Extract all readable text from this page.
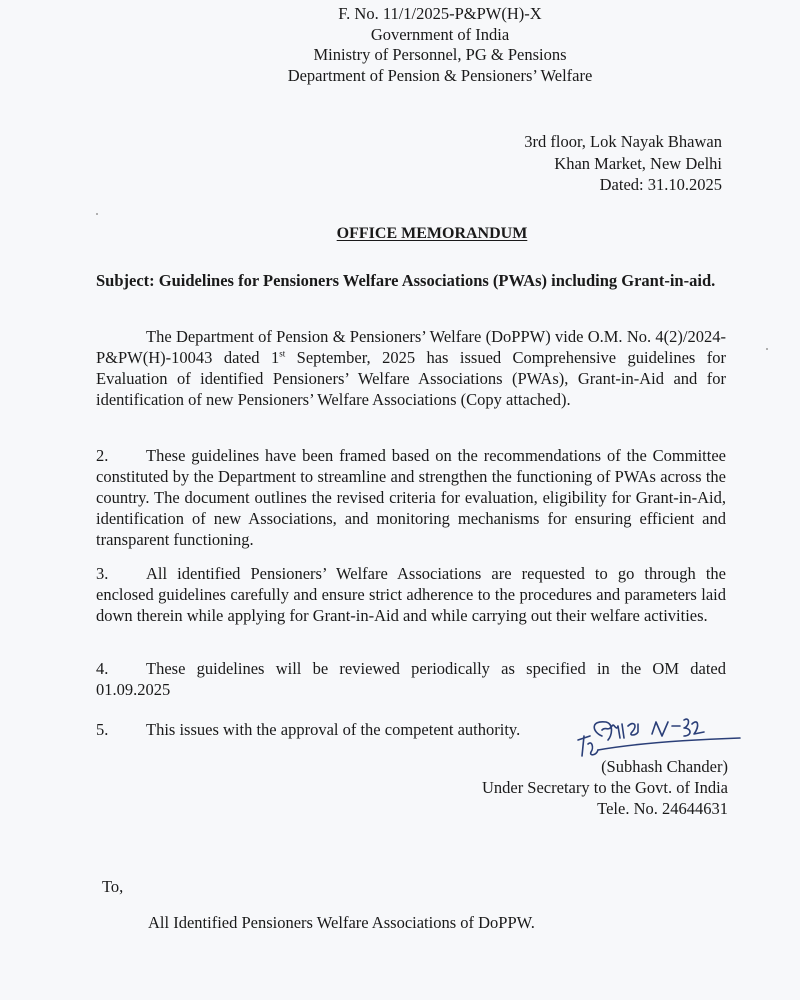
F. No. 11/1/2025-P&PW(H)-X
Government of India
Ministry of Personnel, PG & Pensions
Department of Pension & Pensioners’ Welfare
3rd floor, Lok Nayak Bhawan
Khan Market, New Delhi
Dated: 31.10.2025
OFFICE MEMORANDUM
Subject: Guidelines for Pensioners Welfare Associations (PWAs) including Grant-in-aid.
The Department of Pension & Pensioners’ Welfare (DoPPW) vide O.M. No. 4(2)/2024-P&PW(H)-10043 dated 1st September, 2025 has issued Comprehensive guidelines for Evaluation of identified Pensioners’ Welfare Associations (PWAs), Grant-in-Aid and for identification of new Pensioners’ Welfare Associations (Copy attached).
2. These guidelines have been framed based on the recommendations of the Committee constituted by the Department to streamline and strengthen the functioning of PWAs across the country. The document outlines the revised criteria for evaluation, eligibility for Grant-in-Aid, identification of new Associations, and monitoring mechanisms for ensuring efficient and transparent functioning.
3. All identified Pensioners’ Welfare Associations are requested to go through the enclosed guidelines carefully and ensure strict adherence to the procedures and parameters laid down therein while applying for Grant-in-Aid and while carrying out their welfare activities.
4. These guidelines will be reviewed periodically as specified in the OM dated 01.09.2025
5. This issues with the approval of the competent authority.
(Subhash Chander)
Under Secretary to the Govt. of India
Tele. No. 24644631
To,
All Identified Pensioners Welfare Associations of DoPPW.
